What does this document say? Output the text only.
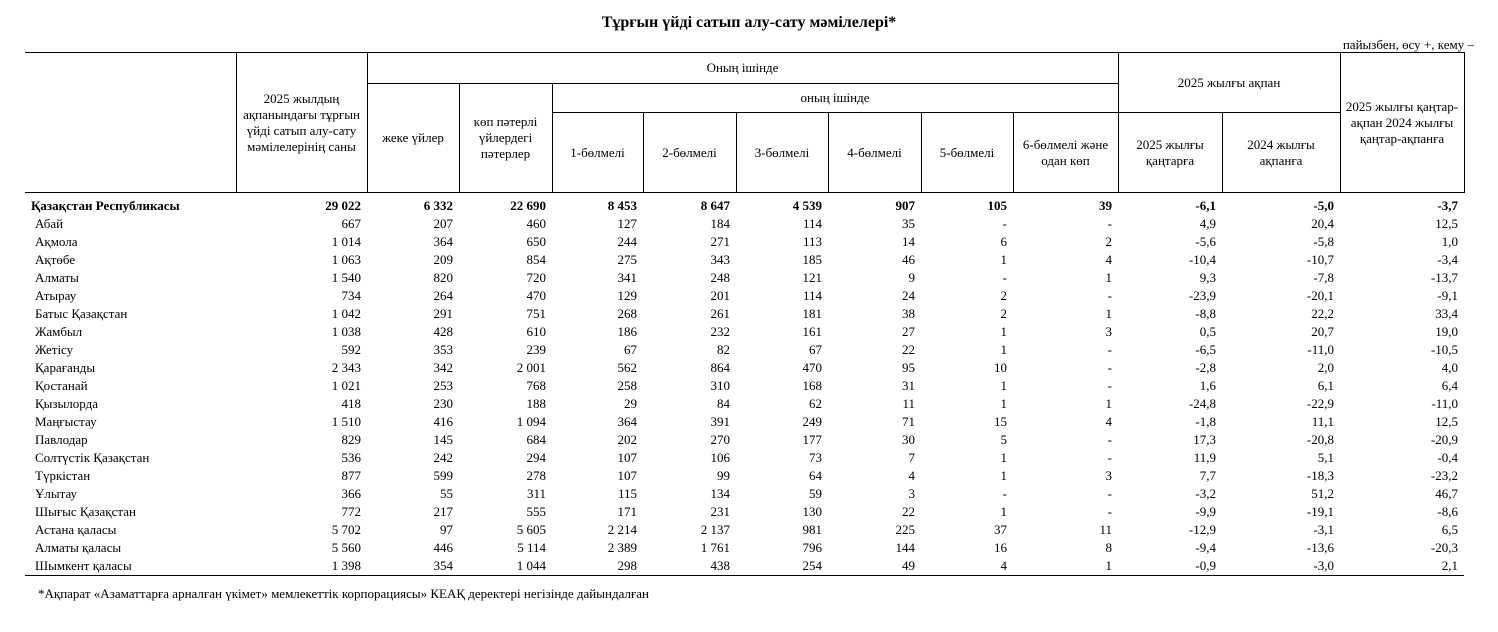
Тұрғын үйді сатып алу-сату мәмілелері*
пайызбен, өсу +, кему –
	2025 жылдың ақпанындағы тұрғын үйді сатып алу-сату мәмілелерінің саны	Оның ішінде								2025 жылғы ақпан		2025 жылғы қаңтар-ақпан 2024 жылғы қаңтар-ақпанға
		жеке үйлер	көп пәтерлі үйлердегі пәтерлер	оның ішінде								
				1-бөлмелі	2-бөлмелі	3-бөлмелі	4-бөлмелі	5-бөлмелі	6-бөлмелі және одан көп	2025 жылғы қаңтарға	2024 жылғы ақпанға	
Қазақстан Республикасы	29 022	6 332	22 690	8 453	8 647	4 539	907	105	39	-6,1	-5,0	-3,7
Абай	667	207	460	127	184	114	35	-	-	4,9	20,4	12,5
Ақмола	1 014	364	650	244	271	113	14	6	2	-5,6	-5,8	1,0
Ақтөбе	1 063	209	854	275	343	185	46	1	4	-10,4	-10,7	-3,4
Алматы	1 540	820	720	341	248	121	9	-	1	9,3	-7,8	-13,7
Атырау	734	264	470	129	201	114	24	2	-	-23,9	-20,1	-9,1
Батыс Қазақстан	1 042	291	751	268	261	181	38	2	1	-8,8	22,2	33,4
Жамбыл	1 038	428	610	186	232	161	27	1	3	0,5	20,7	19,0
Жетісу	592	353	239	67	82	67	22	1	-	-6,5	-11,0	-10,5
Қарағанды	2 343	342	2 001	562	864	470	95	10	-	-2,8	2,0	4,0
Қостанай	1 021	253	768	258	310	168	31	1	-	1,6	6,1	6,4
Қызылорда	418	230	188	29	84	62	11	1	1	-24,8	-22,9	-11,0
Маңғыстау	1 510	416	1 094	364	391	249	71	15	4	-1,8	11,1	12,5
Павлодар	829	145	684	202	270	177	30	5	-	17,3	-20,8	-20,9
Солтүстік Қазақстан	536	242	294	107	106	73	7	1	-	11,9	5,1	-0,4
Түркістан	877	599	278	107	99	64	4	1	3	7,7	-18,3	-23,2
Ұлытау	366	55	311	115	134	59	3	-	-	-3,2	51,2	46,7
Шығыс Қазақстан	772	217	555	171	231	130	22	1	-	-9,9	-19,1	-8,6
Астана қаласы	5 702	97	5 605	2 214	2 137	981	225	37	11	-12,9	-3,1	6,5
Алматы қаласы	5 560	446	5 114	2 389	1 761	796	144	16	8	-9,4	-13,6	-20,3
Шымкент қаласы	1 398	354	1 044	298	438	254	49	4	1	-0,9	-3,0	2,1
*Ақпарат «Азаматтарға арналған үкімет» мемлекеттік корпорациясы» КЕАҚ деректері негізінде дайындалған
